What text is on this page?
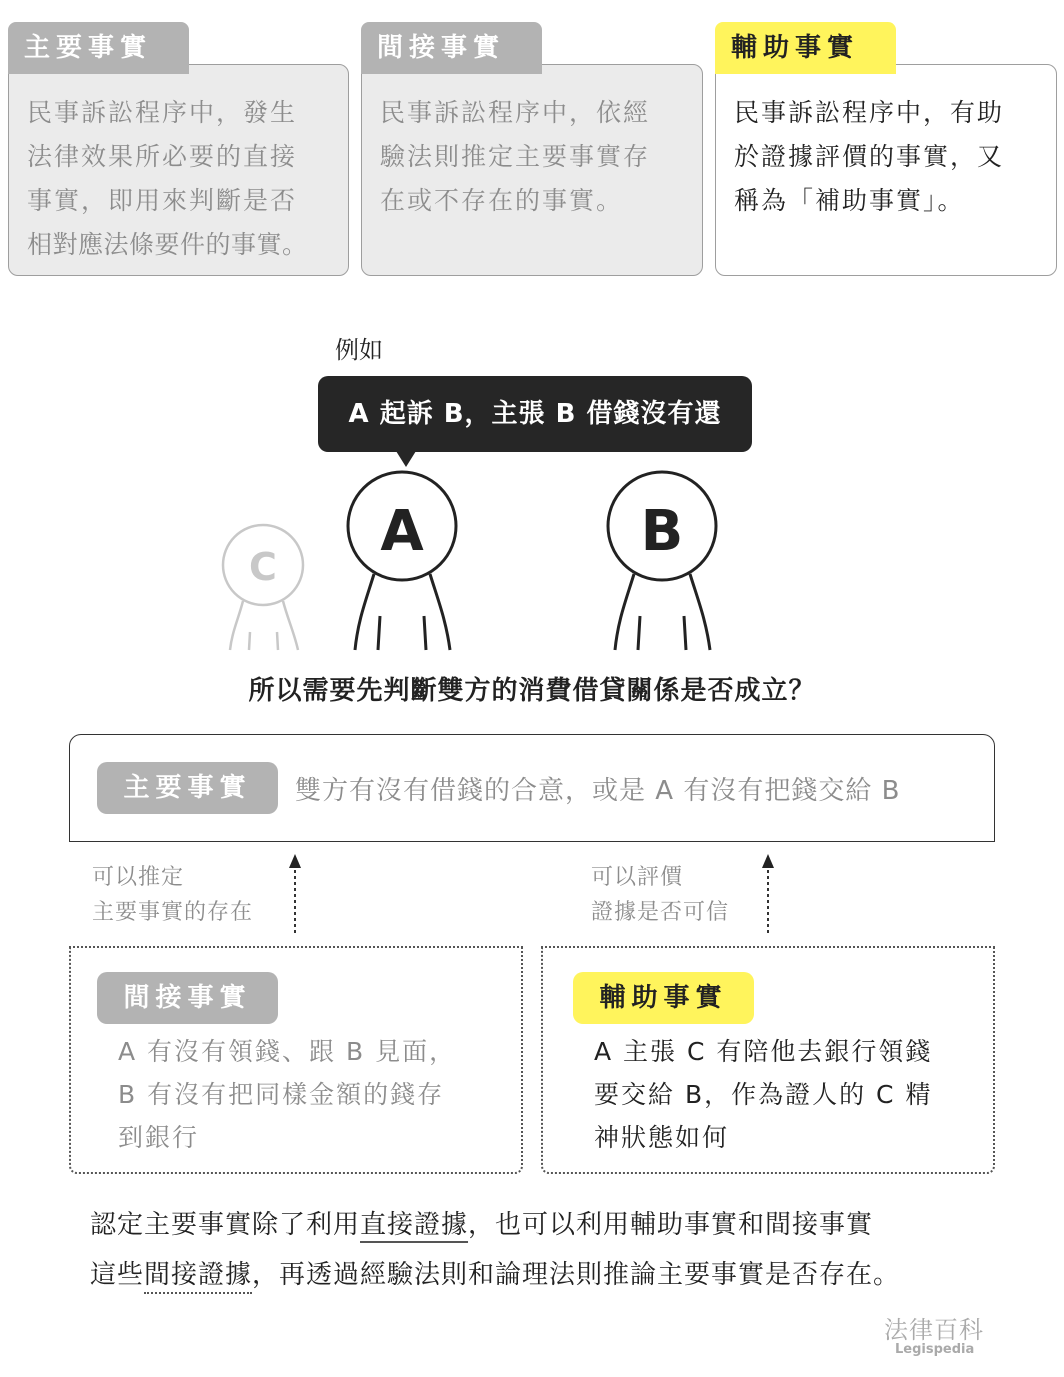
民事訴訟程序中，發生
法律效果所必要的直接
事實，即用來判斷是否
相對應法條要件的事實。
主要事實
民事訴訟程序中，依經
驗法則推定主要事實存
在或不存在的事實。
間接事實
民事訴訟程序中，有助
於證據評價的事實，又
稱為「補助事實」。
輔助事實
例如
A 起訴 B，主張 B 借錢沒有還
C
A	B
所以需要先判斷雙方的消費借貸關係是否成立？
主要事實	雙方有沒有借錢的合意，或是 A 有沒有把錢交給 B
可以推定
主要事實的存在
可以評價
證據是否可信
間接事實
A 有沒有領錢、跟 B 見面，
B 有沒有把同樣金額的錢存
到銀行
輔助事實
A 主張 C 有陪他去銀行領錢
要交給 B，作為證人的 C 精
神狀態如何
認定主要事實除了利用直接證據，也可以利用輔助事實和間接事實
這些間接證據，再透過經驗法則和論理法則推論主要事實是否存在。
法律百科
Legispedia
